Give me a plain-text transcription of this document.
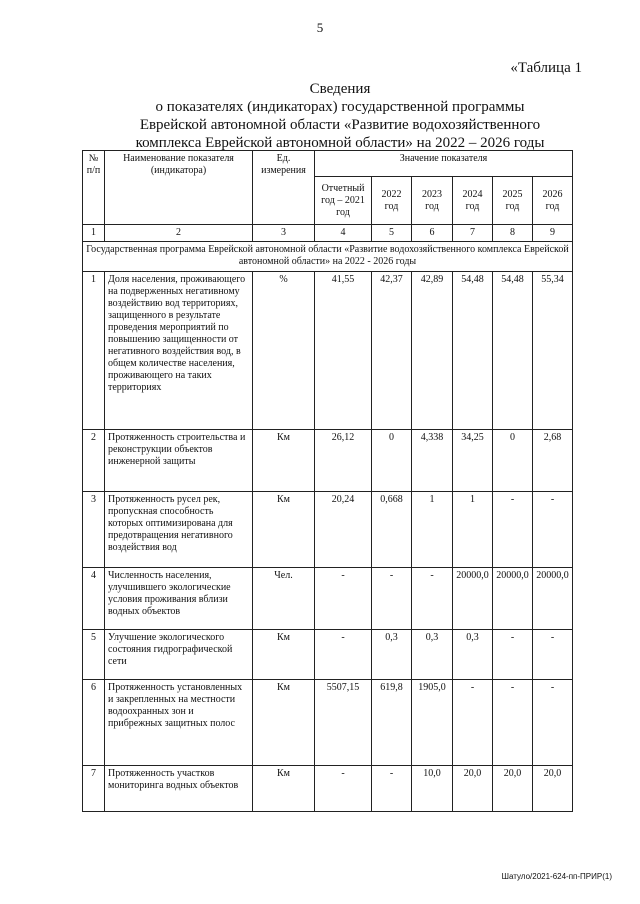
5
«Таблица 1
Сведения
о показателях (индикаторах) государственной программы
Еврейской автономной области «Развитие водохозяйственного
комплекса Еврейской автономной области» на 2022 – 2026 годы
№ п/п	Наименование показателя (индикатора)	Ед. измерения	Значение показателя					
			Отчетный год – 2021 год	2022 год	2023 год	2024 год	2025 год	2026 год
1	2	3	4	5	6	7	8	9
Государственная программа Еврейской автономной области «Развитие водохозяйственного комплекса Еврейской автономной области» на 2022 - 2026 годы								
1	Доля населения, проживающего на подверженных негативному воздействию вод территориях, защищенного в результате проведения мероприятий по повышению защищенности от негативного воздействия вод, в общем количестве населения, проживающего на таких территориях	%	41,55	42,37	42,89	54,48	54,48	55,34
2	Протяженность строительства и реконструкции объектов инженерной защиты	Км	26,12	0	4,338	34,25	0	2,68
3	Протяженность русел рек, пропускная способность которых оптимизирована для предотвращения негативного воздействия вод	Км	20,24	0,668	1	1	-	-
4	Численность населения, улучшившего экологические условия проживания вблизи водных объектов	Чел.	-	-	-	20000,0	20000,0	20000,0
5	Улучшение экологического состояния гидрографической сети	Км	-	0,3	0,3	0,3	-	-
6	Протяженность установленных и закрепленных на местности водоохранных зон и прибрежных защитных полос	Км	5507,15	619,8	1905,0	-	-	-
7	Протяженность участков мониторинга водных объектов	Км	-	-	10,0	20,0	20,0	20,0
Шатуло/2021-624-пп-ПРИР(1)
